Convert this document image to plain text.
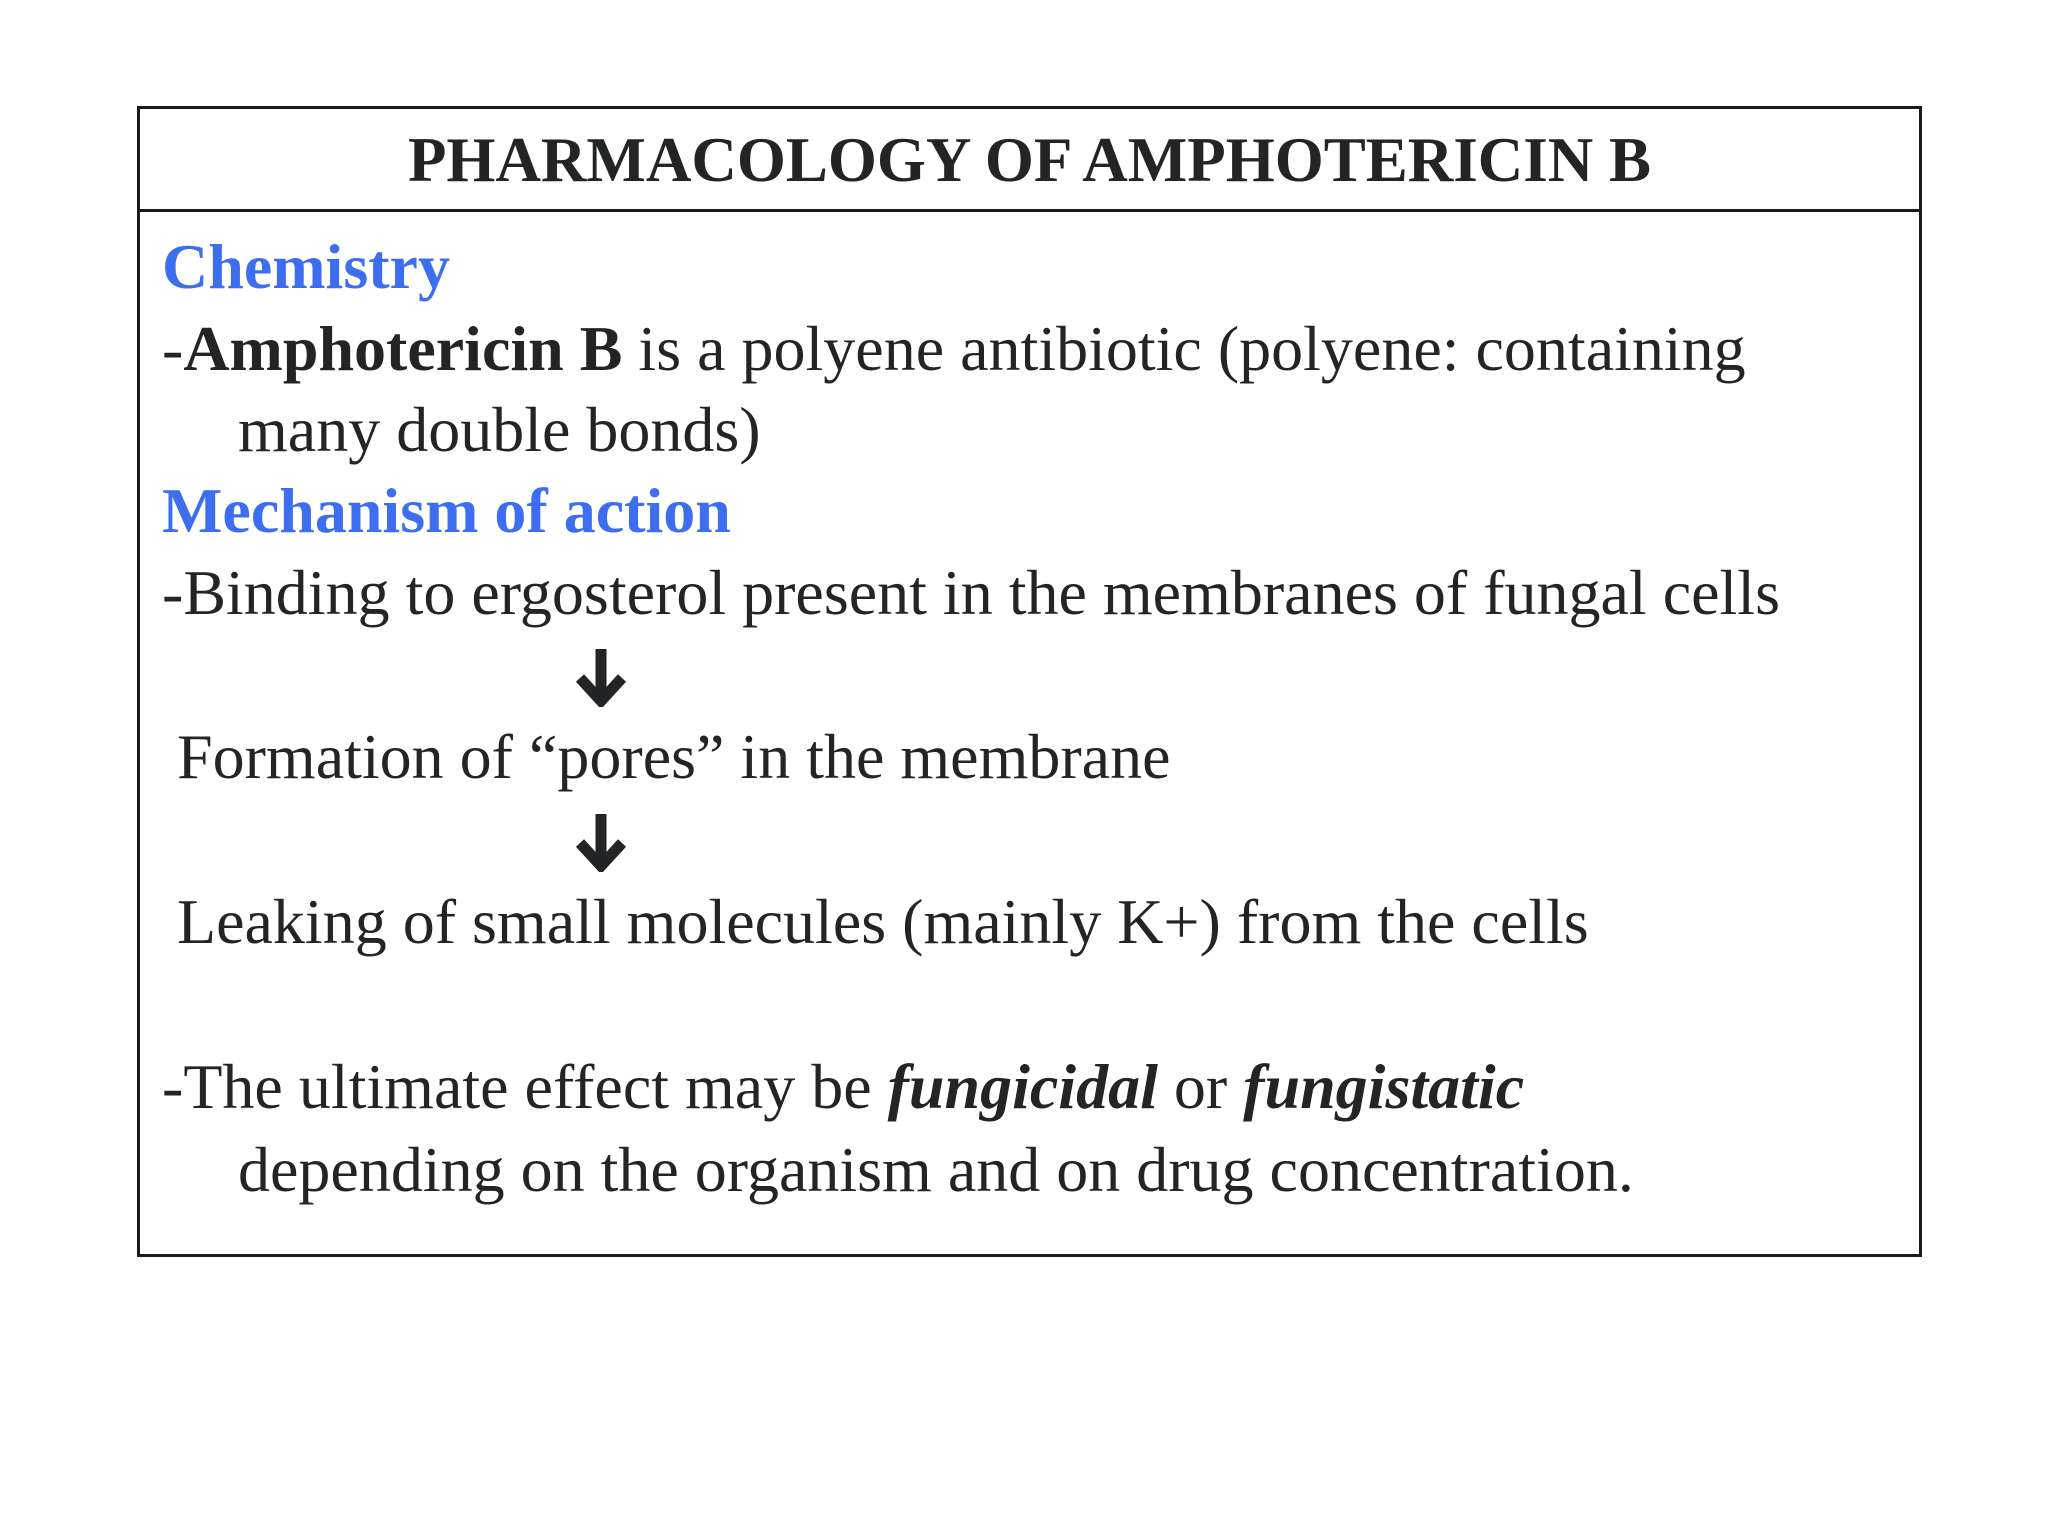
PHARMACOLOGY OF AMPHOTERICIN B
Chemistry
-Amphotericin B is a polyene antibiotic (polyene: containing
many double bonds)
Mechanism of action
-Binding to ergosterol present in the membranes of fungal cells
Formation of “pores” in the membrane
Leaking of small molecules (mainly K+) from the cells
-The ultimate effect may be fungicidal or fungistatic
depending on the organism and on drug concentration.
